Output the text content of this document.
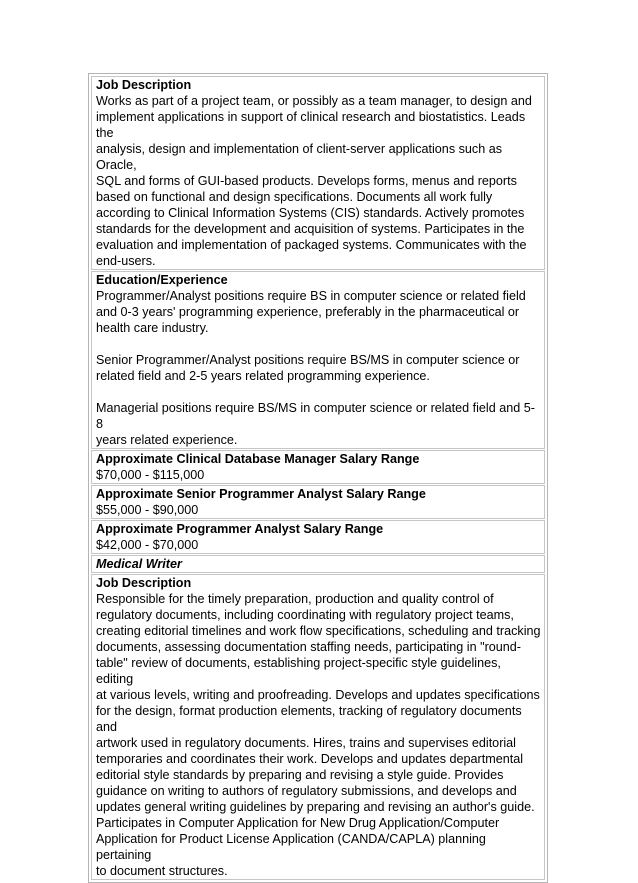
Job Description
Works as part of a project team, or possibly as a team manager, to design and
implement applications in support of clinical research and biostatistics. Leads the
analysis, design and implementation of client-server applications such as Oracle,
SQL and forms of GUI-based products. Develops forms, menus and reports
based on functional and design specifications. Documents all work fully
according to Clinical Information Systems (CIS) standards. Actively promotes
standards for the development and acquisition of systems. Participates in the
evaluation and implementation of packaged systems. Communicates with the
end-users.
Education/Experience
Programmer/Analyst positions require BS in computer science or related field
and 0-3 years' programming experience, preferably in the pharmaceutical or
health care industry.
Senior Programmer/Analyst positions require BS/MS in computer science or
related field and 2-5 years related programming experience.
Managerial positions require BS/MS in computer science or related field and 5-8
years related experience.
Approximate Clinical Database Manager Salary Range
$70,000 - $115,000
Approximate Senior Programmer Analyst Salary Range
$55,000 - $90,000
Approximate Programmer Analyst Salary Range
$42,000 - $70,000
Medical Writer
Job Description
Responsible for the timely preparation, production and quality control of
regulatory documents, including coordinating with regulatory project teams,
creating editorial timelines and work flow specifications, scheduling and tracking
documents, assessing documentation staffing needs, participating in "round-
table" review of documents, establishing project-specific style guidelines, editing
at various levels, writing and proofreading. Develops and updates specifications
for the design, format production elements, tracking of regulatory documents and
artwork used in regulatory documents. Hires, trains and supervises editorial
temporaries and coordinates their work. Develops and updates departmental
editorial style standards by preparing and revising a style guide. Provides
guidance on writing to authors of regulatory submissions, and develops and
updates general writing guidelines by preparing and revising an author's guide.
Participates in Computer Application for New Drug Application/Computer
Application for Product License Application (CANDA/CAPLA) planning pertaining
to document structures.
